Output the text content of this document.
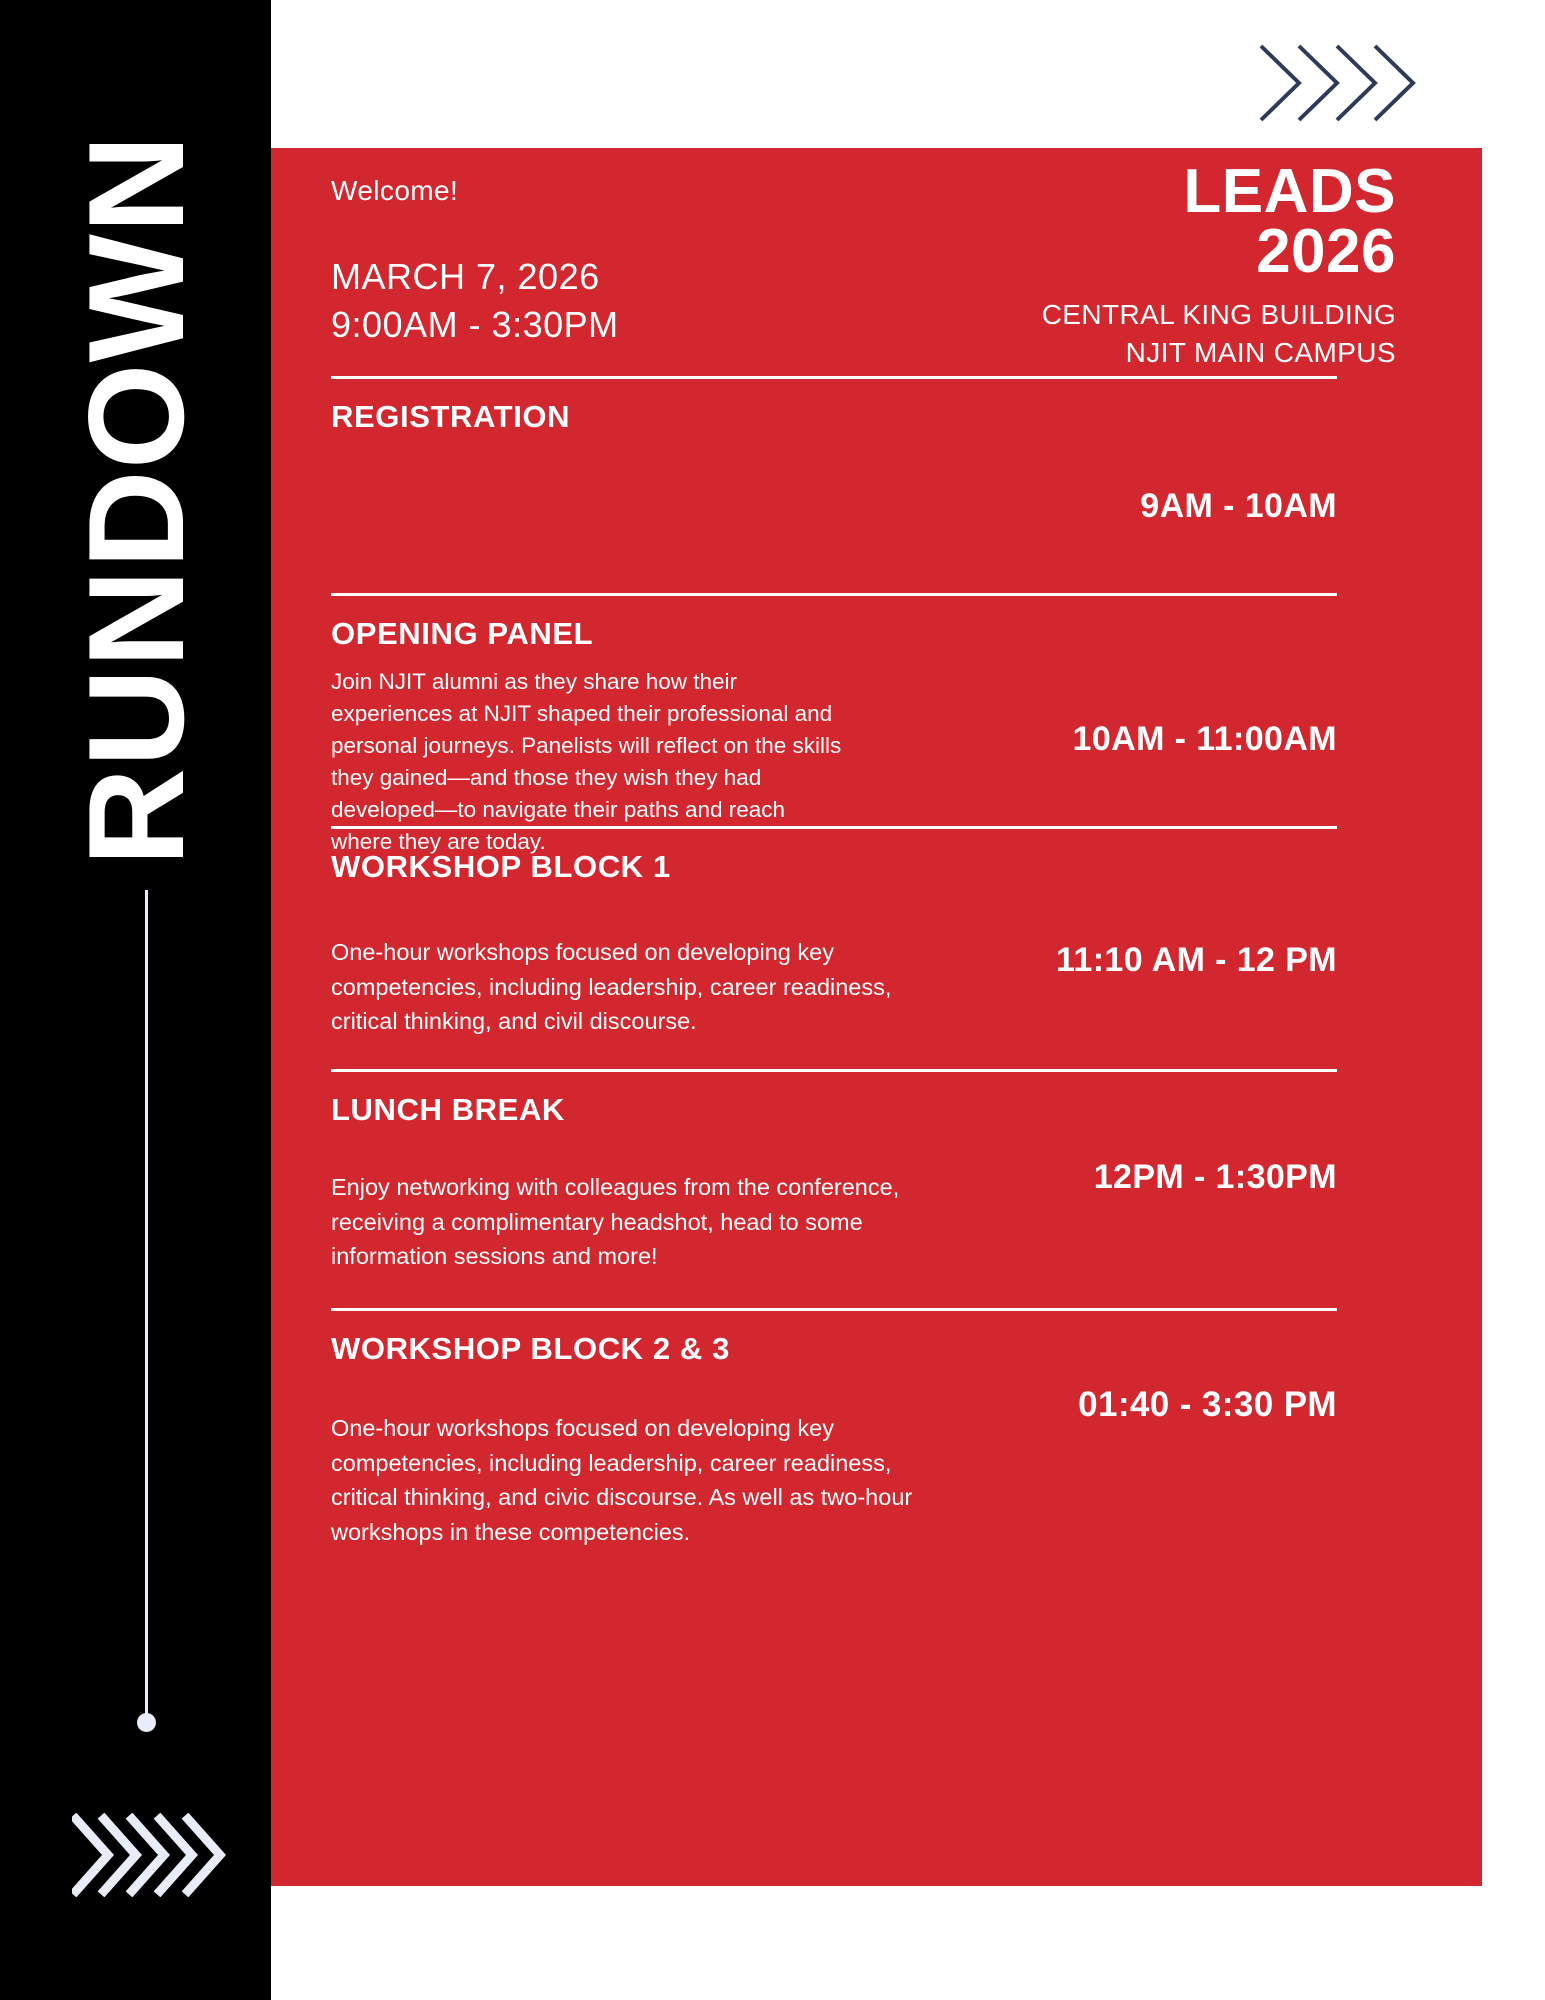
RUNDOWN	Welcome!
MARCH 7, 2026
9:00AM - 3:30PM
LEADS
2026
CENTRAL KING BUILDING
NJIT MAIN CAMPUS
REGISTRATION
9AM - 10AM
OPENING PANEL
Join NJIT alumni as they share how their experiences at NJIT shaped their professional and personal journeys. Panelists will reflect on the skills they gained—and those they wish they had developed—to navigate their paths and reach where they are today.
10AM - 11:00AM
WORKSHOP BLOCK 1
One-hour workshops focused on developing key competencies, including leadership, career readiness, critical thinking, and civil discourse.
11:10 AM - 12 PM
LUNCH BREAK
Enjoy networking with colleagues from the conference, receiving a complimentary headshot, head to some information sessions and more!
12PM - 1:30PM
WORKSHOP BLOCK 2 & 3
One-hour workshops focused on developing key competencies, including leadership, career readiness, critical thinking, and civic discourse. As well as two-hour workshops in these competencies.
01:40 - 3:30 PM
